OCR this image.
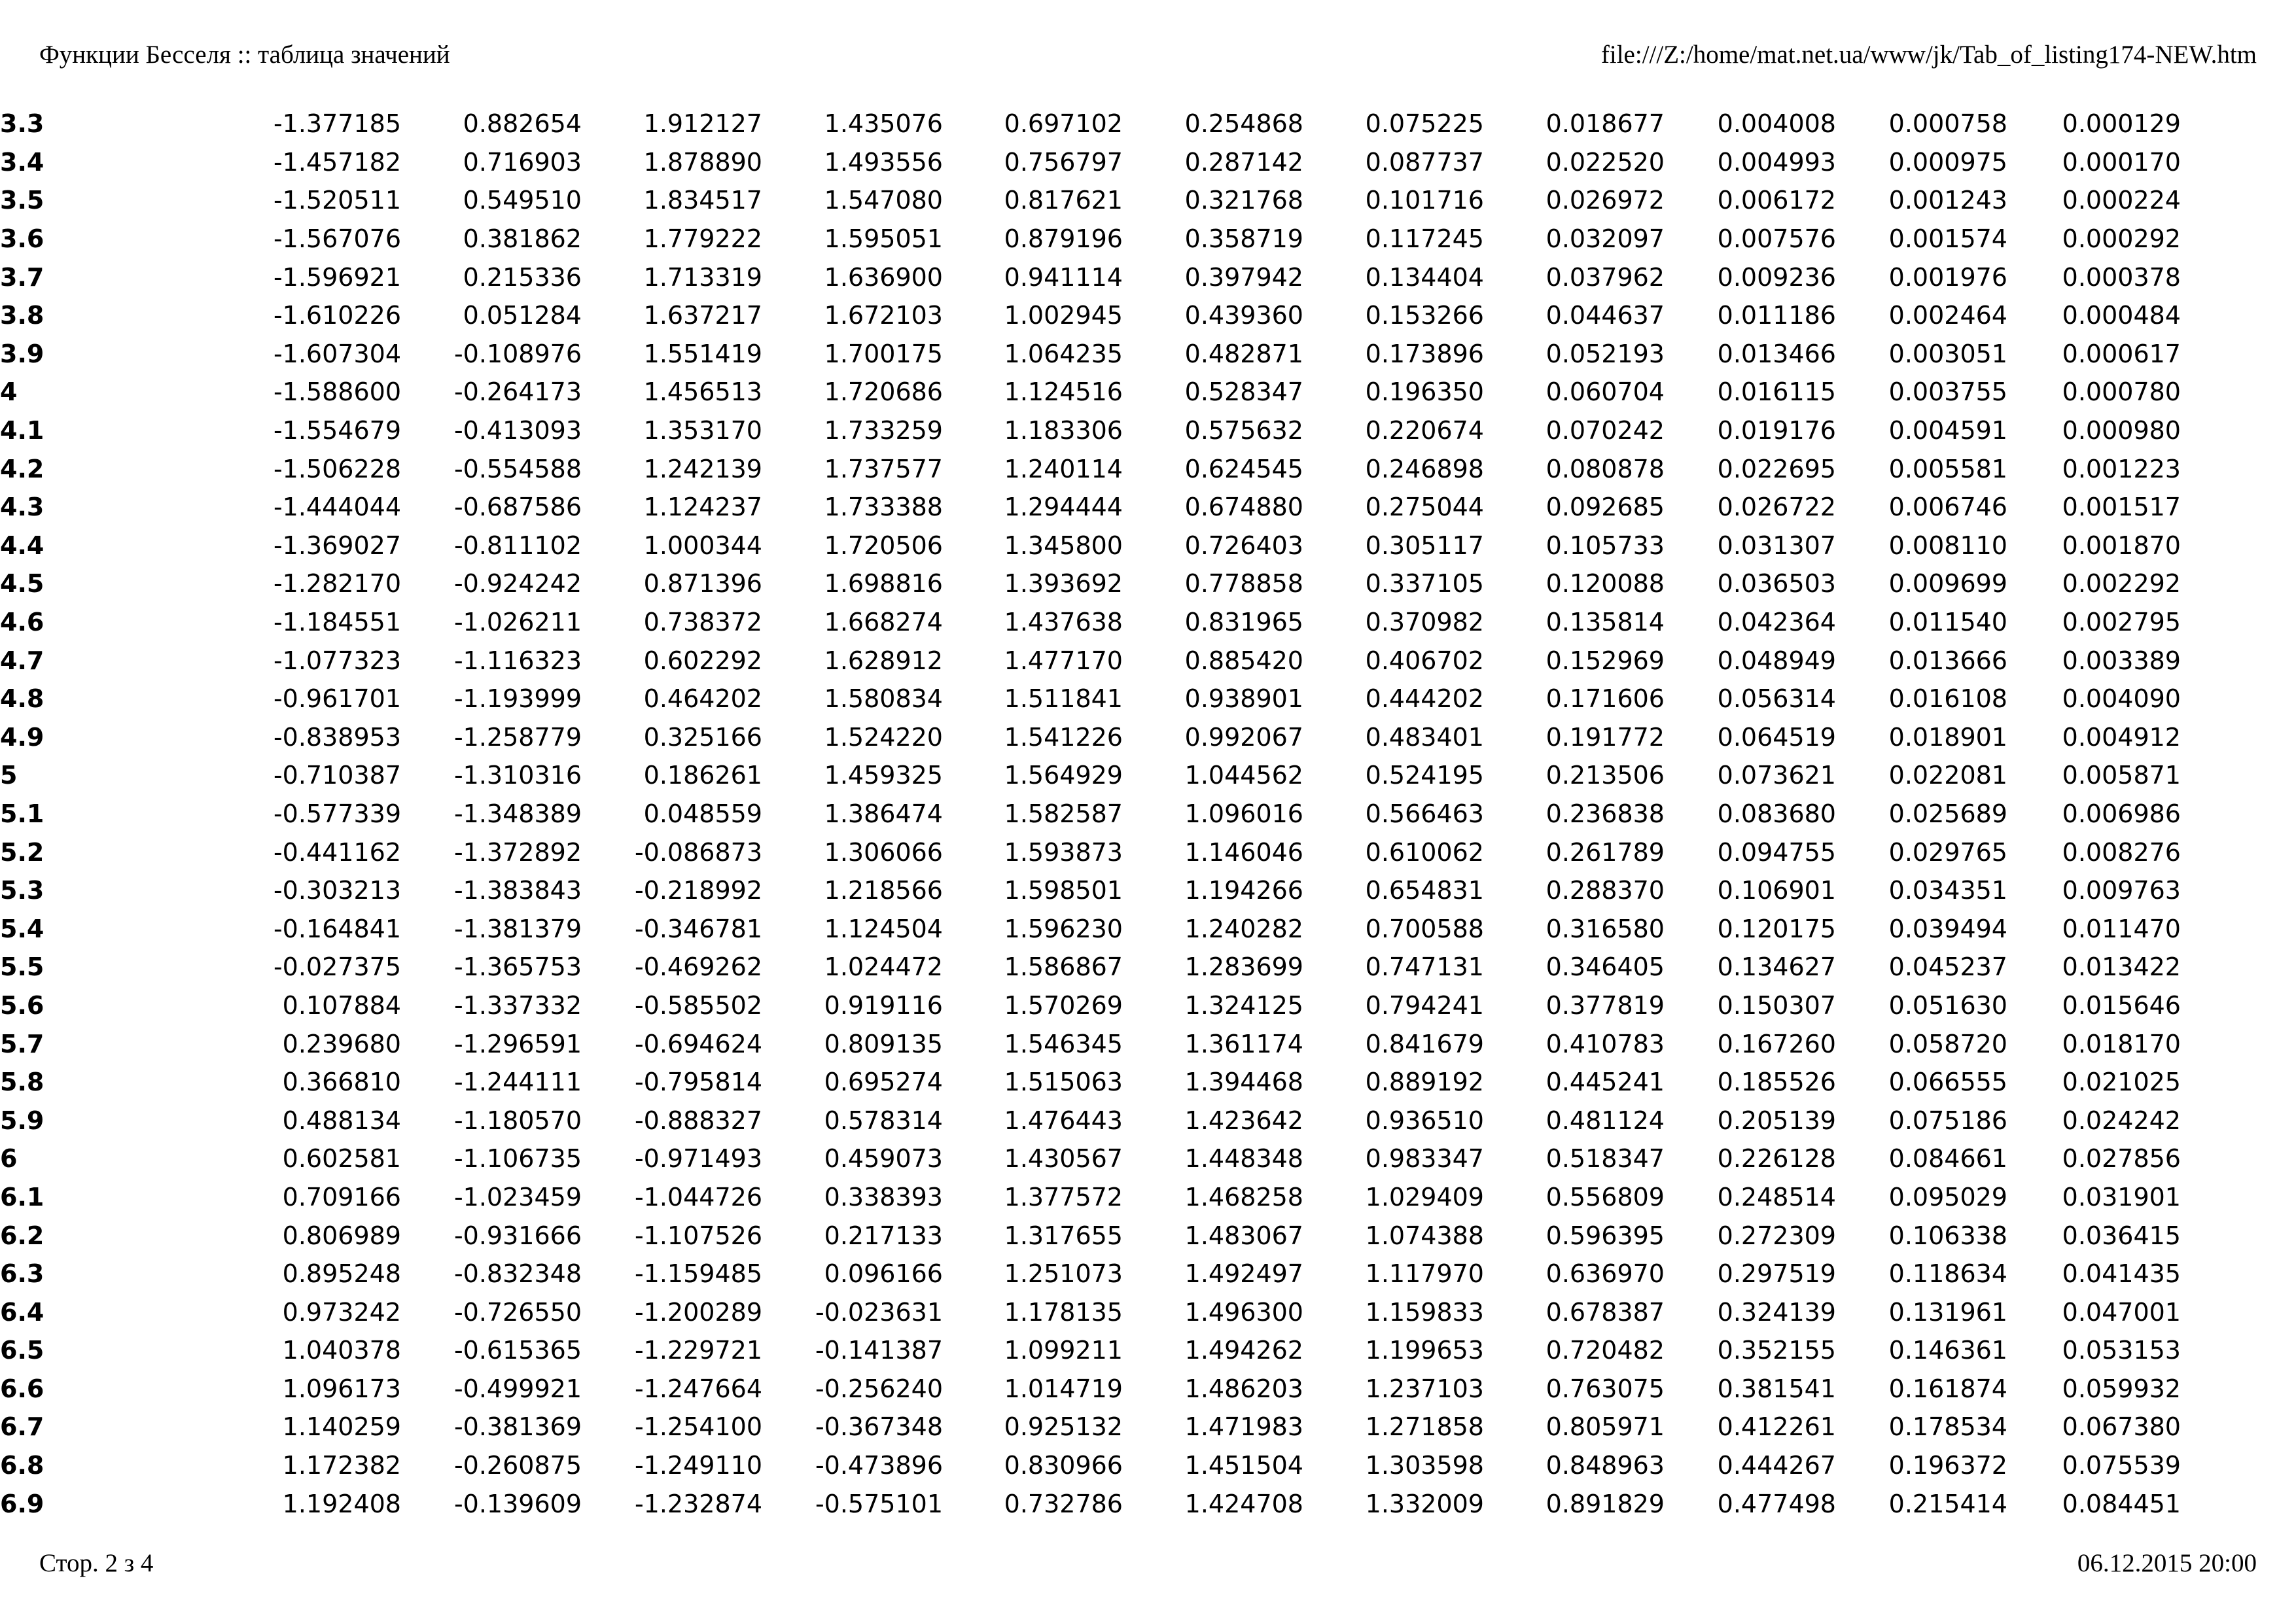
Функции Бесселя :: таблица значений	file:///Z:/home/mat.net.ua/www/jk/Tab_of_listing174-NEW.htm
3.3	-1.377185	0.882654	1.912127	1.435076	0.697102	0.254868	0.075225	0.018677	0.004008	0.000758	0.000129
3.4	-1.457182	0.716903	1.878890	1.493556	0.756797	0.287142	0.087737	0.022520	0.004993	0.000975	0.000170
3.5	-1.520511	0.549510	1.834517	1.547080	0.817621	0.321768	0.101716	0.026972	0.006172	0.001243	0.000224
3.6	-1.567076	0.381862	1.779222	1.595051	0.879196	0.358719	0.117245	0.032097	0.007576	0.001574	0.000292
3.7	-1.596921	0.215336	1.713319	1.636900	0.941114	0.397942	0.134404	0.037962	0.009236	0.001976	0.000378
3.8	-1.610226	0.051284	1.637217	1.672103	1.002945	0.439360	0.153266	0.044637	0.011186	0.002464	0.000484
3.9	-1.607304	-0.108976	1.551419	1.700175	1.064235	0.482871	0.173896	0.052193	0.013466	0.003051	0.000617
4	-1.588600	-0.264173	1.456513	1.720686	1.124516	0.528347	0.196350	0.060704	0.016115	0.003755	0.000780
4.1	-1.554679	-0.413093	1.353170	1.733259	1.183306	0.575632	0.220674	0.070242	0.019176	0.004591	0.000980
4.2	-1.506228	-0.554588	1.242139	1.737577	1.240114	0.624545	0.246898	0.080878	0.022695	0.005581	0.001223
4.3	-1.444044	-0.687586	1.124237	1.733388	1.294444	0.674880	0.275044	0.092685	0.026722	0.006746	0.001517
4.4	-1.369027	-0.811102	1.000344	1.720506	1.345800	0.726403	0.305117	0.105733	0.031307	0.008110	0.001870
4.5	-1.282170	-0.924242	0.871396	1.698816	1.393692	0.778858	0.337105	0.120088	0.036503	0.009699	0.002292
4.6	-1.184551	-1.026211	0.738372	1.668274	1.437638	0.831965	0.370982	0.135814	0.042364	0.011540	0.002795
4.7	-1.077323	-1.116323	0.602292	1.628912	1.477170	0.885420	0.406702	0.152969	0.048949	0.013666	0.003389
4.8	-0.961701	-1.193999	0.464202	1.580834	1.511841	0.938901	0.444202	0.171606	0.056314	0.016108	0.004090
4.9	-0.838953	-1.258779	0.325166	1.524220	1.541226	0.992067	0.483401	0.191772	0.064519	0.018901	0.004912
5	-0.710387	-1.310316	0.186261	1.459325	1.564929	1.044562	0.524195	0.213506	0.073621	0.022081	0.005871
5.1	-0.577339	-1.348389	0.048559	1.386474	1.582587	1.096016	0.566463	0.236838	0.083680	0.025689	0.006986
5.2	-0.441162	-1.372892	-0.086873	1.306066	1.593873	1.146046	0.610062	0.261789	0.094755	0.029765	0.008276
5.3	-0.303213	-1.383843	-0.218992	1.218566	1.598501	1.194266	0.654831	0.288370	0.106901	0.034351	0.009763
5.4	-0.164841	-1.381379	-0.346781	1.124504	1.596230	1.240282	0.700588	0.316580	0.120175	0.039494	0.011470
5.5	-0.027375	-1.365753	-0.469262	1.024472	1.586867	1.283699	0.747131	0.346405	0.134627	0.045237	0.013422
5.6	0.107884	-1.337332	-0.585502	0.919116	1.570269	1.324125	0.794241	0.377819	0.150307	0.051630	0.015646
5.7	0.239680	-1.296591	-0.694624	0.809135	1.546345	1.361174	0.841679	0.410783	0.167260	0.058720	0.018170
5.8	0.366810	-1.244111	-0.795814	0.695274	1.515063	1.394468	0.889192	0.445241	0.185526	0.066555	0.021025
5.9	0.488134	-1.180570	-0.888327	0.578314	1.476443	1.423642	0.936510	0.481124	0.205139	0.075186	0.024242
6	0.602581	-1.106735	-0.971493	0.459073	1.430567	1.448348	0.983347	0.518347	0.226128	0.084661	0.027856
6.1	0.709166	-1.023459	-1.044726	0.338393	1.377572	1.468258	1.029409	0.556809	0.248514	0.095029	0.031901
6.2	0.806989	-0.931666	-1.107526	0.217133	1.317655	1.483067	1.074388	0.596395	0.272309	0.106338	0.036415
6.3	0.895248	-0.832348	-1.159485	0.096166	1.251073	1.492497	1.117970	0.636970	0.297519	0.118634	0.041435
6.4	0.973242	-0.726550	-1.200289	-0.023631	1.178135	1.496300	1.159833	0.678387	0.324139	0.131961	0.047001
6.5	1.040378	-0.615365	-1.229721	-0.141387	1.099211	1.494262	1.199653	0.720482	0.352155	0.146361	0.053153
6.6	1.096173	-0.499921	-1.247664	-0.256240	1.014719	1.486203	1.237103	0.763075	0.381541	0.161874	0.059932
6.7	1.140259	-0.381369	-1.254100	-0.367348	0.925132	1.471983	1.271858	0.805971	0.412261	0.178534	0.067380
6.8	1.172382	-0.260875	-1.249110	-0.473896	0.830966	1.451504	1.303598	0.848963	0.444267	0.196372	0.075539
6.9	1.192408	-0.139609	-1.232874	-0.575101	0.732786	1.424708	1.332009	0.891829	0.477498	0.215414	0.084451
Стор. 2 з 4	06.12.2015 20:00
